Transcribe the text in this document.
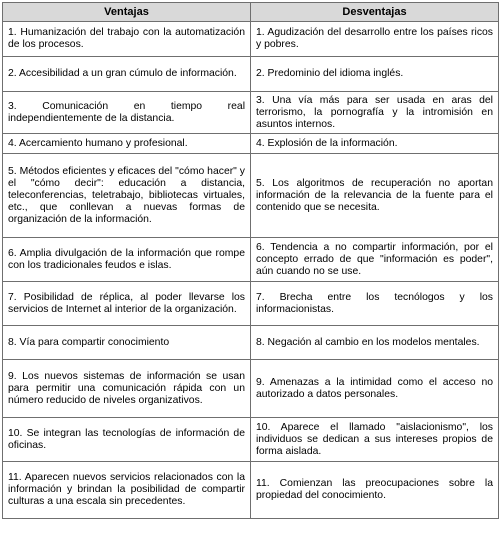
Ventajas	Desventajas
1. Humanización del trabajo con la automatización de los procesos.	1. Agudización del desarrollo entre los países ricos y pobres.
2. Accesibilidad a un gran cúmulo de información.	2. Predominio del idioma inglés.
3. Comunicación en tiempo real independientemente de la distancia.	3. Una vía más para ser usada en aras del terrorismo, la pornografía y la intromisión en asuntos internos.
4. Acercamiento humano y profesional.	4. Explosión de la información.
5. Métodos eficientes y eficaces del "cómo hacer" y el "cómo decir": educación a distancia, teleconferencias, teletrabajo, bibliotecas virtuales, etc., que conllevan a nuevas formas de organización de la información.	5. Los algoritmos de recuperación no aportan información de la relevancia de la fuente para el contenido que se necesita.
6. Amplia divulgación de la información que rompe con los tradicionales feudos e islas.	6. Tendencia a no compartir información, por el concepto errado de que "información es poder", aún cuando no se use.
7. Posibilidad de réplica, al poder llevarse los servicios de Internet al interior de la organización.	7. Brecha entre los tecnólogos y los informacionistas.
8. Vía para compartir conocimiento	8. Negación al cambio en los modelos mentales.
9. Los nuevos sistemas de información se usan para permitir una comunicación rápida con un número reducido de niveles organizativos.	9. Amenazas a la intimidad como el acceso no autorizado a datos personales.
10. Se integran las tecnologías de información de oficinas.	10. Aparece el llamado "aislacionismo", los individuos se dedican a sus intereses propios de forma aislada.
11. Aparecen nuevos servicios relacionados con la información y brindan la posibilidad de compartir culturas a una escala sin precedentes.	11. Comienzan las preocupaciones sobre la propiedad del conocimiento.
